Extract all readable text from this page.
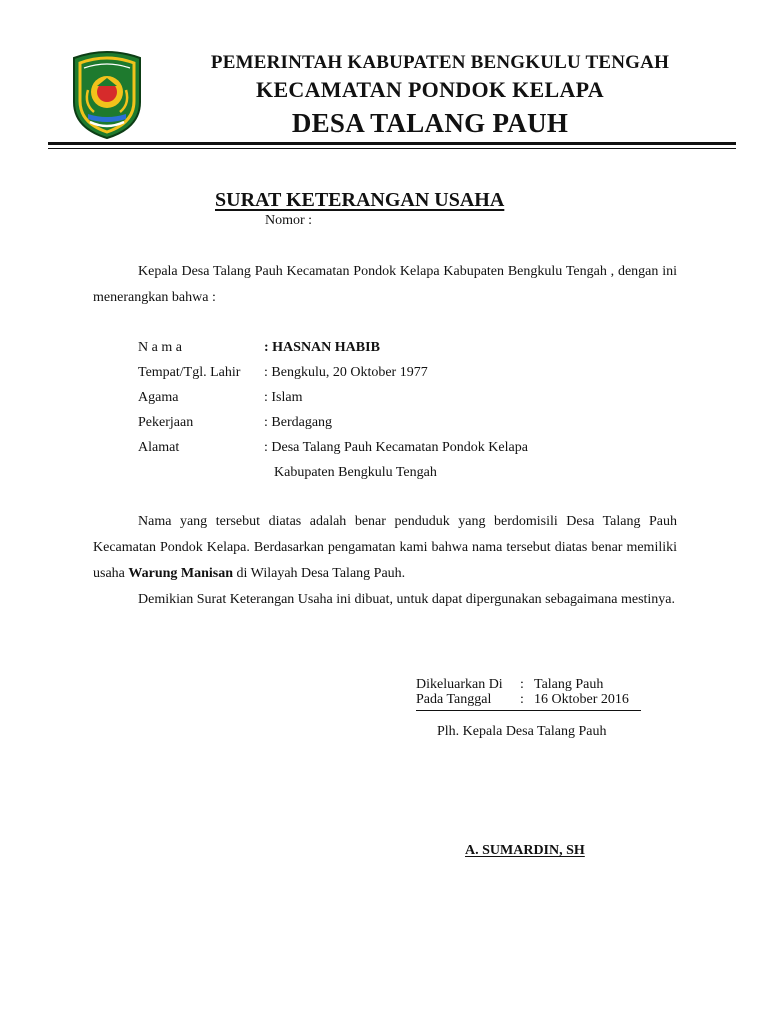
PEMERINTAH KABUPATEN BENGKULU TENGAH
KECAMATAN PONDOK KELAPA
DESA TALANG PAUH
SURAT KETERANGAN USAHA
Nomor :
Kepala Desa Talang Pauh Kecamatan Pondok Kelapa Kabupaten Bengkulu Tengah , dengan ini menerangkan bahwa :
N a m a	: HASNAN HABIB
Tempat/Tgl. Lahir : Bengkulu, 20 Oktober 1977
Agama	: Islam
Pekerjaan	: Berdagang
Alamat	: Desa Talang Pauh Kecamatan Pondok Kelapa
Kabupaten Bengkulu Tengah
Nama yang tersebut diatas adalah benar penduduk yang berdomisili Desa Talang Pauh Kecamatan Pondok Kelapa. Berdasarkan pengamatan kami bahwa nama tersebut diatas benar memiliki usaha Warung Manisan di Wilayah Desa Talang Pauh.
Demikian Surat Keterangan Usaha ini dibuat, untuk dapat dipergunakan sebagaimana mestinya.
Dikeluarkan Di : Talang Pauh
Pada Tanggal : 16 Oktober 2016
Plh. Kepala Desa Talang Pauh
A. SUMARDIN, SH
